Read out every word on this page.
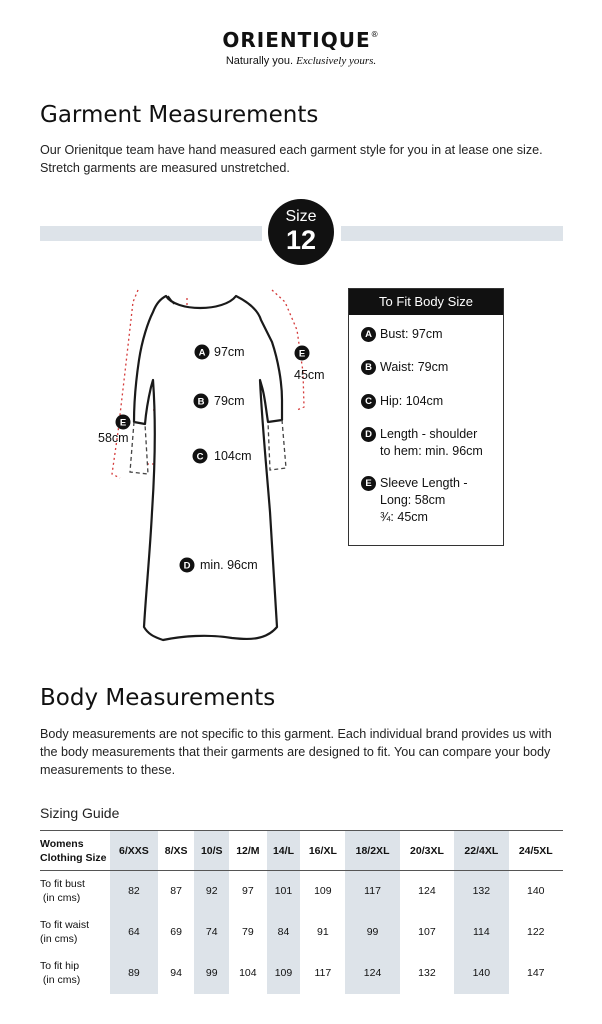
ORIENTIQUE®
Naturally you. Exclusively yours.
Garment Measurements

Our Orienitque team have hand measured each garment style for you in at lease one size. Stretch garments are measured unstretched.

Size
12
A 97cm
B 79cm
C 104cm
D min. 96cm
E
45cm
E
58cm
To Fit Body Size
A Bust: 97cm
B Waist: 79cm
C Hip: 104cm
D Length - shoulder
to hem: min. 96cm
E Sleeve Length -
Long: 58cm
¾: 45cm
Body Measurements

Body measurements are not specific to this garment. Each individual brand provides us with the body measurements that their garments are designed to fit. You can compare your body measurements to these.

Sizing Guide
Womens
Clothing Size	6/XXS	8/XS	10/S	12/M	14/L	16/XL	18/2XL	20/3XL	22/4XL	24/5XL
To fit bust
(in cms)	82	87	92	97	101	109	117	124	132	140
To fit waist
(in cms)	64	69	74	79	84	91	99	107	114	122
To fit hip
(in cms)	89	94	99	104	109	117	124	132	140	147
